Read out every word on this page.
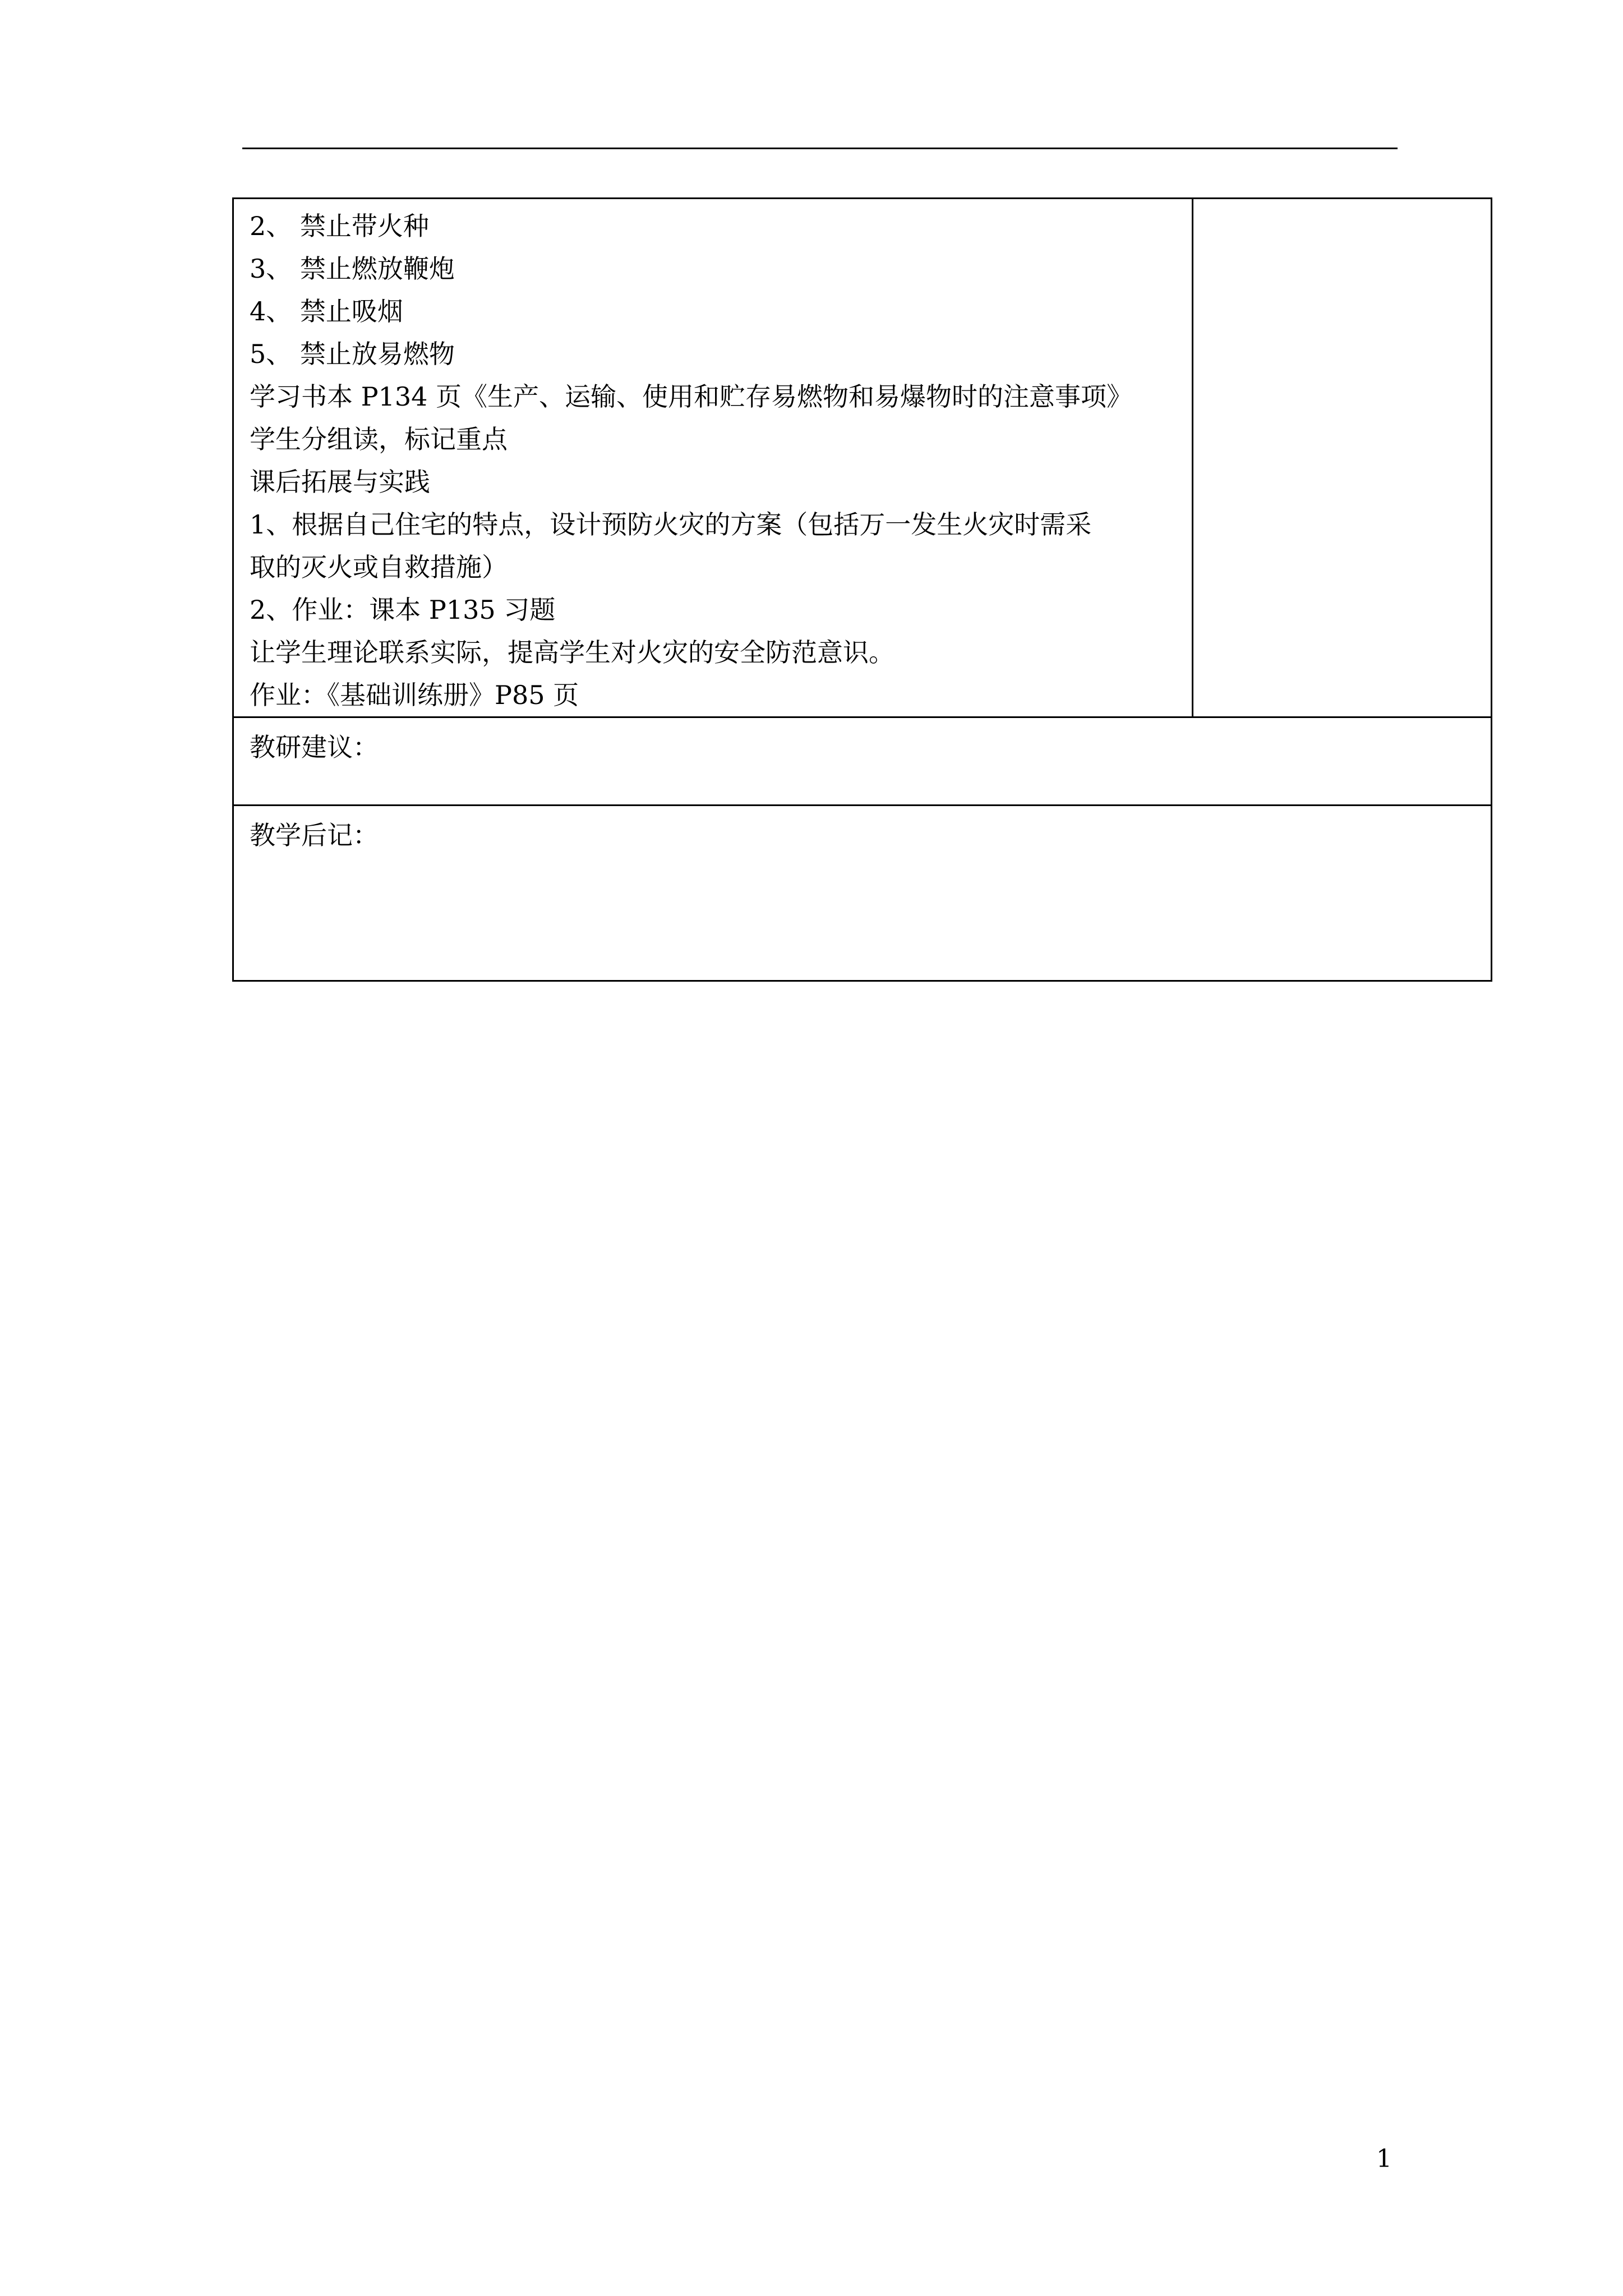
2、 禁止带火种
3、 禁止燃放鞭炮
4、 禁止吸烟
5、 禁止放易燃物
学习书本 P134 页《生产、运输、使用和贮存易燃物和易爆物时的注意事项》
学生分组读，标记重点
课后拓展与实践
1、根据自己住宅的特点，设计预防火灾的方案（包括万一发生火灾时需采
取的灭火或自救措施）
2、作业：课本 P135 习题
让学生理论联系实际，提高学生对火灾的安全防范意识。
作业：《基础训练册》P85 页

教研建议：

教学后记：
1
